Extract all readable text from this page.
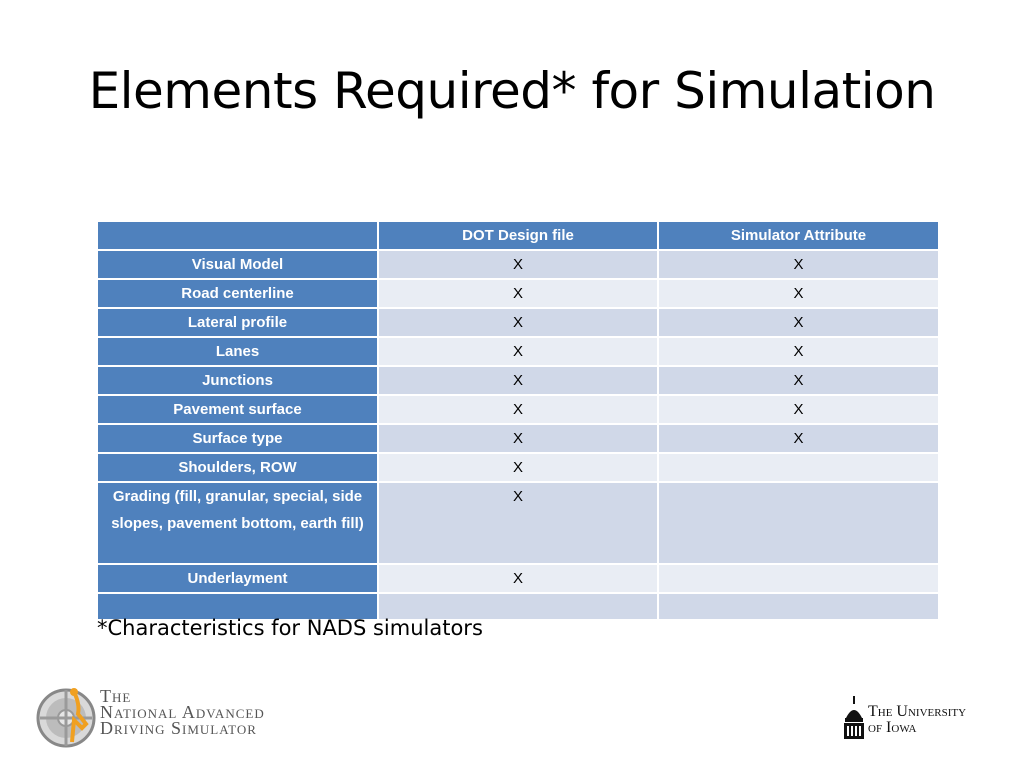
Elements Required* for Simulation
	DOT Design file	Simulator Attribute
Visual Model	X	X
Road centerline	X	X
Lateral profile	X	X
Lanes	X	X
Junctions	X	X
Pavement surface	X	X
Surface type	X	X
Shoulders, ROW	X	
Grading (fill, granular, special, side slopes, pavement bottom, earth fill)	X	
Underlayment	X	

*Characteristics for NADS simulators
The
National Advanced
Driving Simulator
The University
of Iowa
